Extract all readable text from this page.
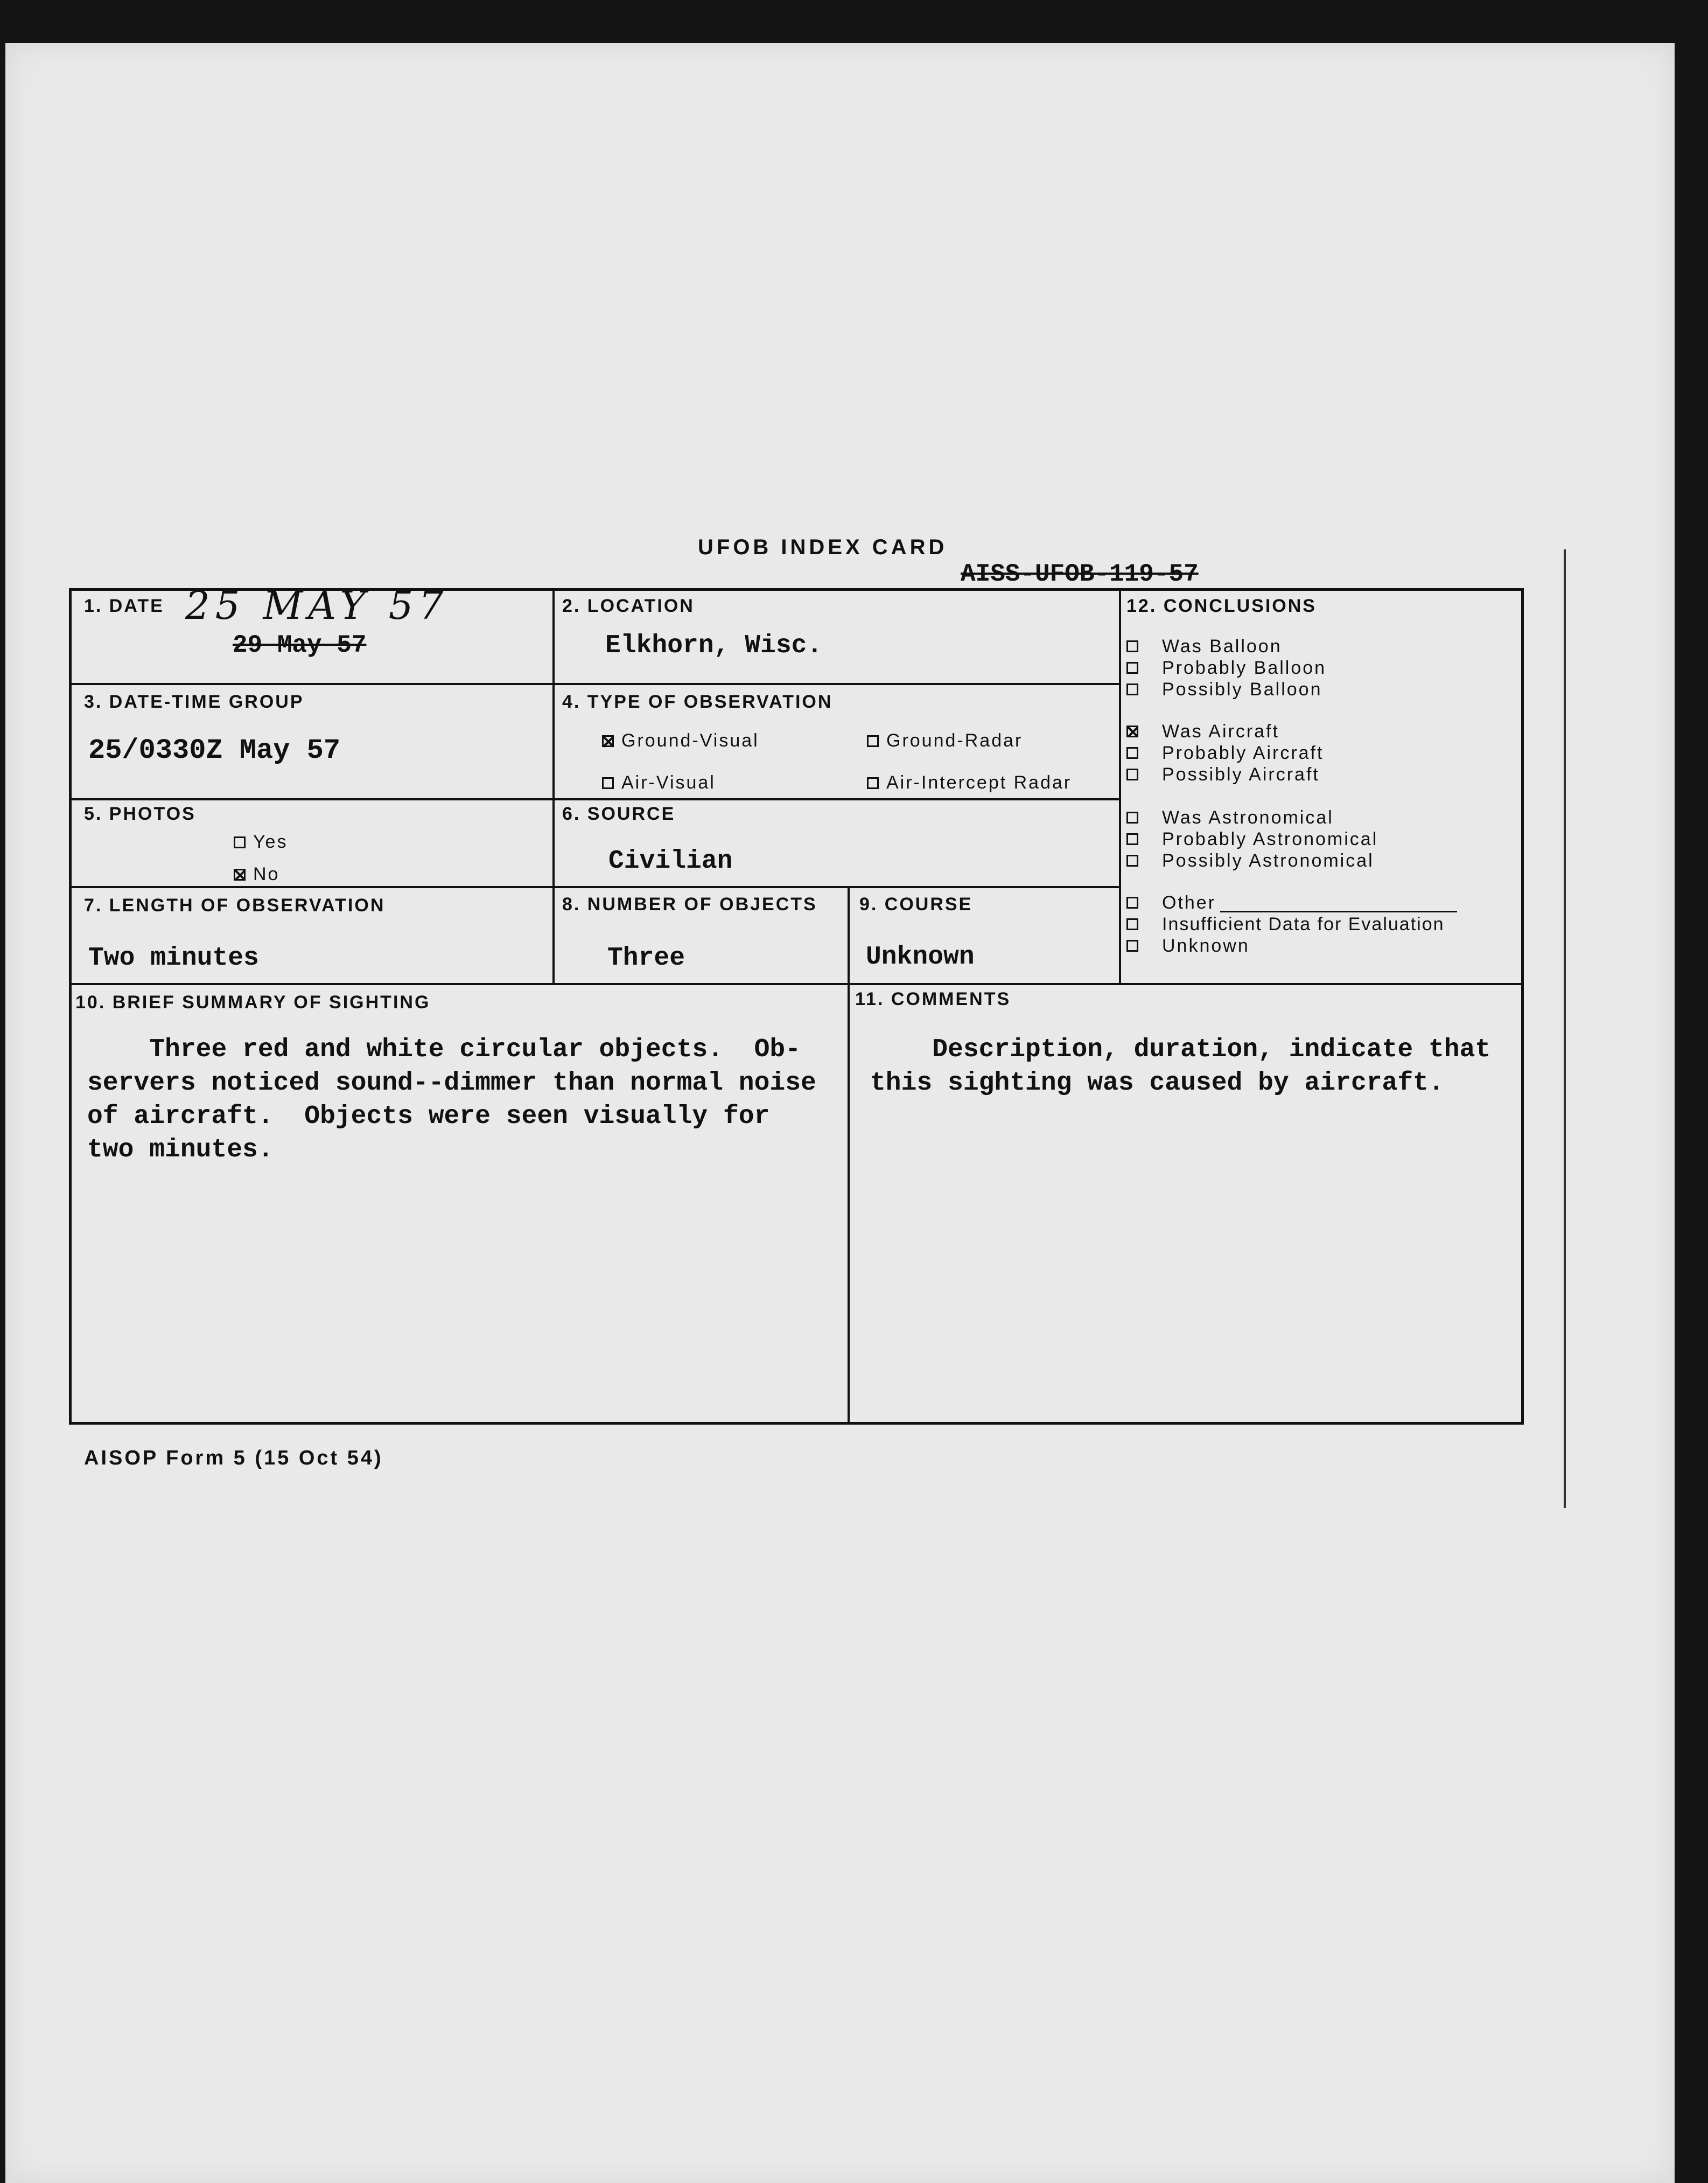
UFOB INDEX CARD
AISS-UFOB-119-57
1. DATE 25 MAY 57
29 May 57
2. LOCATION
Elkhorn, Wisc.
3. DATE-TIME GROUP
25/0330Z May 57
4. TYPE OF OBSERVATION
Ground-Visual	Ground-Radar
Air-Visual	Air-Intercept Radar
5. PHOTOS
Yes
No
6. SOURCE
Civilian
7. LENGTH OF OBSERVATION
Two minutes
8. NUMBER OF OBJECTS
Three
9. COURSE
Unknown
10. BRIEF SUMMARY OF SIGHTING
Three red and white circular objects.  Ob-
servers noticed sound--dimmer than normal noise
of aircraft.  Objects were seen visually for
two minutes.
11. COMMENTS
Description, duration, indicate that
this sighting was caused by aircraft.
12. CONCLUSIONS
Was Balloon
Probably Balloon
Possibly Balloon
Was Aircraft
Probably Aircraft
Possibly Aircraft
Was Astronomical
Probably Astronomical
Possibly Astronomical
Other
Insufficient Data for Evaluation
Unknown
AISOP Form 5 (15 Oct 54)
